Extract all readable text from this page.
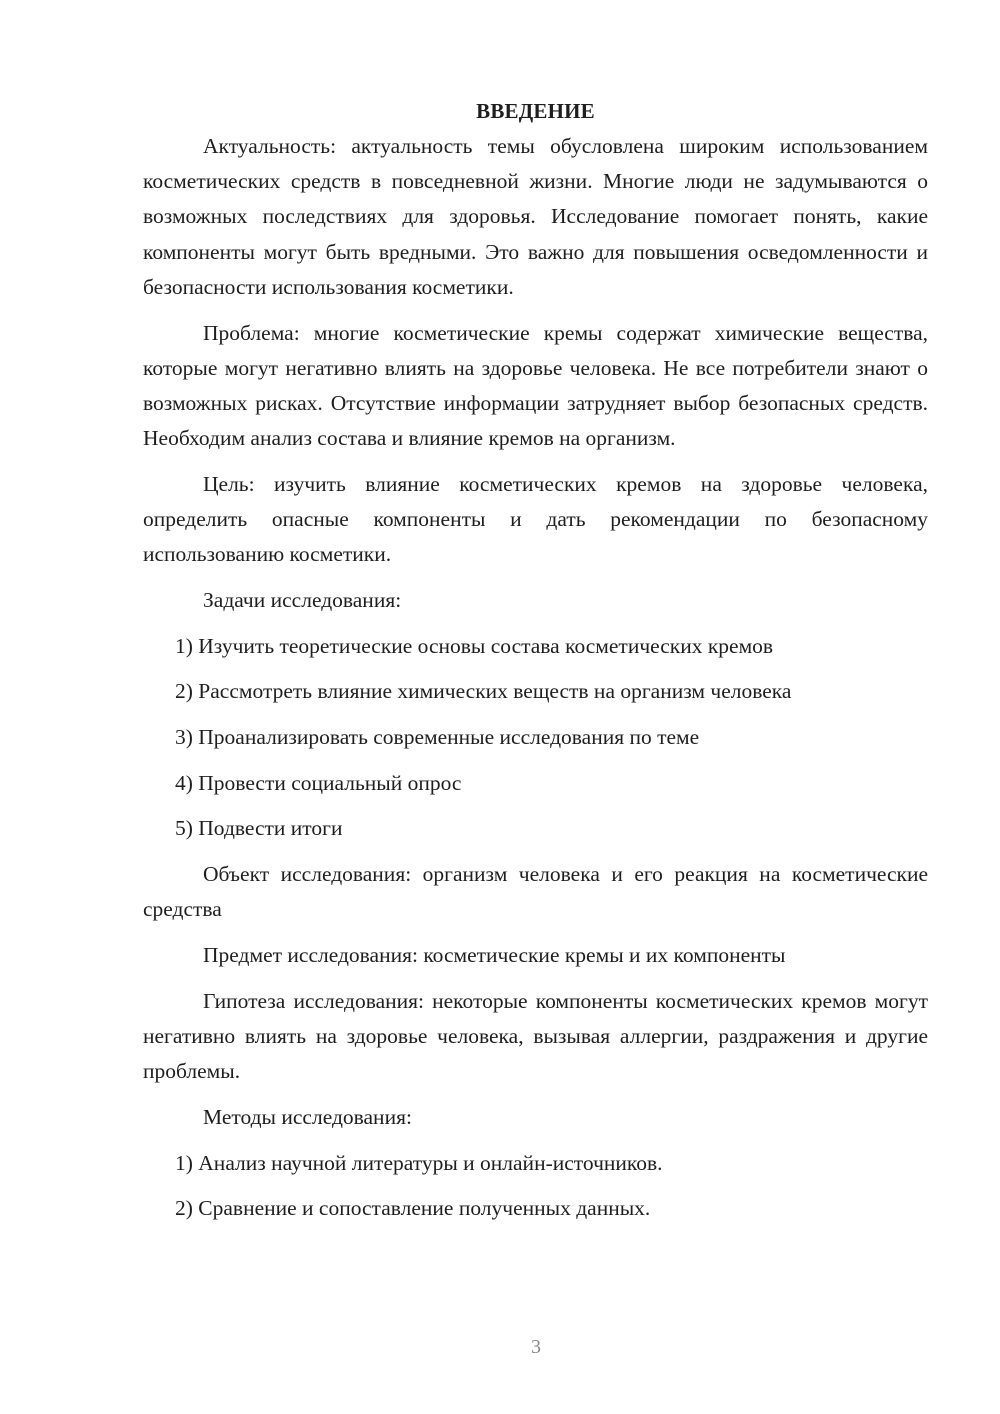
ВВЕДЕНИЕ

Актуальность: актуальность темы обусловлена широким использованием косметических средств в повседневной жизни. Многие люди не задумываются о возможных последствиях для здоровья. Исследование помогает понять, какие компоненты могут быть вредными. Это важно для повышения осведомленности и безопасности использования косметики.

Проблема: многие косметические кремы содержат химические вещества, которые могут негативно влиять на здоровье человека. Не все потребители знают о возможных рисках. Отсутствие информации затрудняет выбор безопасных средств. Необходим анализ состава и влияние кремов на организм.

Цель: изучить влияние косметических кремов на здоровье человека, определить опасные компоненты и дать рекомендации по безопасному использованию косметики.

Задачи исследования:

1) Изучить теоретические основы состава косметических кремов
2) Рассмотреть влияние химических веществ на организм человека
3) Проанализировать современные исследования по теме
4) Провести социальный опрос
5) Подвести итоги

Объект исследования: организм человека и его реакция на косметические средства

Предмет исследования: косметические кремы и их компоненты

Гипотеза исследования: некоторые компоненты косметических кремов могут негативно влиять на здоровье человека, вызывая аллергии, раздражения и другие проблемы.

Методы исследования:

1) Анализ научной литературы и онлайн-источников.
2) Сравнение и сопоставление полученных данных.
3
